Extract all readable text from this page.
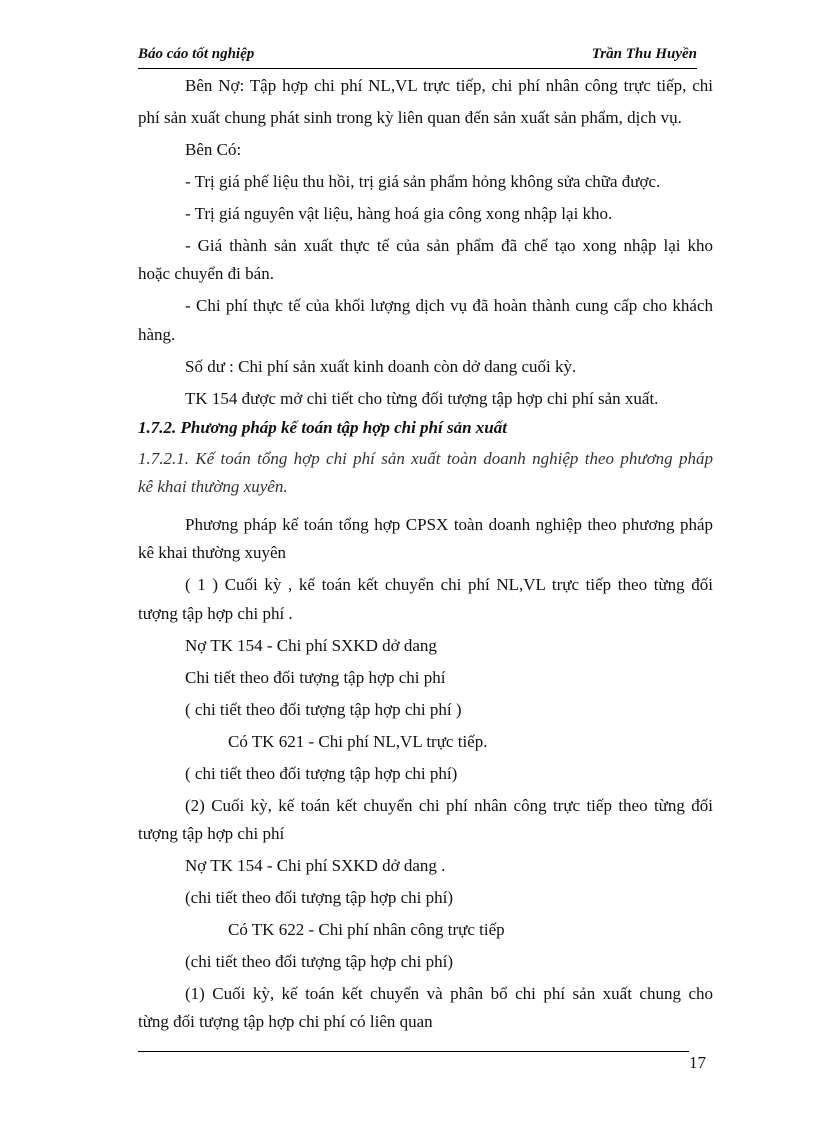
Báo cáo tốt nghiệp	Trần Thu Huyền
Bên Nợ: Tập hợp chi phí NL,VL trực tiếp, chi phí nhân công trực tiếp, chi
phí sản xuất chung phát sinh trong kỳ liên quan đến sản xuất sản phẩm, dịch vụ.
Bên Có:
- Trị giá phế liệu thu hồi, trị giá sản phẩm hỏng không sửa chữa được.
- Trị giá nguyên vật liệu, hàng hoá gia công xong nhập lại kho.
- Giá thành sản xuất thực tế của sản phẩm đã chế tạo xong nhập lại kho
hoặc chuyển đi bán.
- Chi phí thực tế của khối lượng dịch vụ đã hoàn thành cung cấp cho khách
hàng.
Số dư : Chi phí sản xuất kinh doanh còn dở dang cuối kỳ.
TK 154 được mở chi tiết cho từng đối tượng tập hợp chi phí sản xuất.
1.7.2. Phương pháp kế toán tập hợp chi phí sản xuất
1.7.2.1. Kế toán tổng hợp chi phí sản xuất toàn doanh nghiệp theo phương pháp
kê khai thường xuyên.
Phương pháp kế toán tổng hợp CPSX toàn doanh nghiệp theo phương pháp
kê khai thường xuyên
( 1 ) Cuối kỳ , kế toán kết chuyển chi phí NL,VL trực tiếp theo từng đối
tượng tập hợp chi phí .
Nợ TK 154 - Chi phí SXKD dở dang
Chi tiết theo đối tượng tập hợp chi phí
( chi tiết theo đối tượng tập hợp chi phí )
Có TK 621 - Chi phí NL,VL trực tiếp.
( chi tiết theo đối tượng tập hợp chi phí)
(2) Cuối kỳ, kế toán kết chuyển chi phí nhân công trực tiếp theo từng đối
tượng tập hợp chi phí
Nợ TK 154 - Chi phí SXKD dở dang .
(chi tiết theo đối tượng tập hợp chi phí)
Có TK 622 - Chi phí nhân công trực tiếp
(chi tiết theo đối tượng tập hợp chi phí)
(1) Cuối kỳ, kế toán kết chuyển và phân bổ chi phí sản xuất chung cho
từng đối tượng tập hợp chi phí có liên quan
17
